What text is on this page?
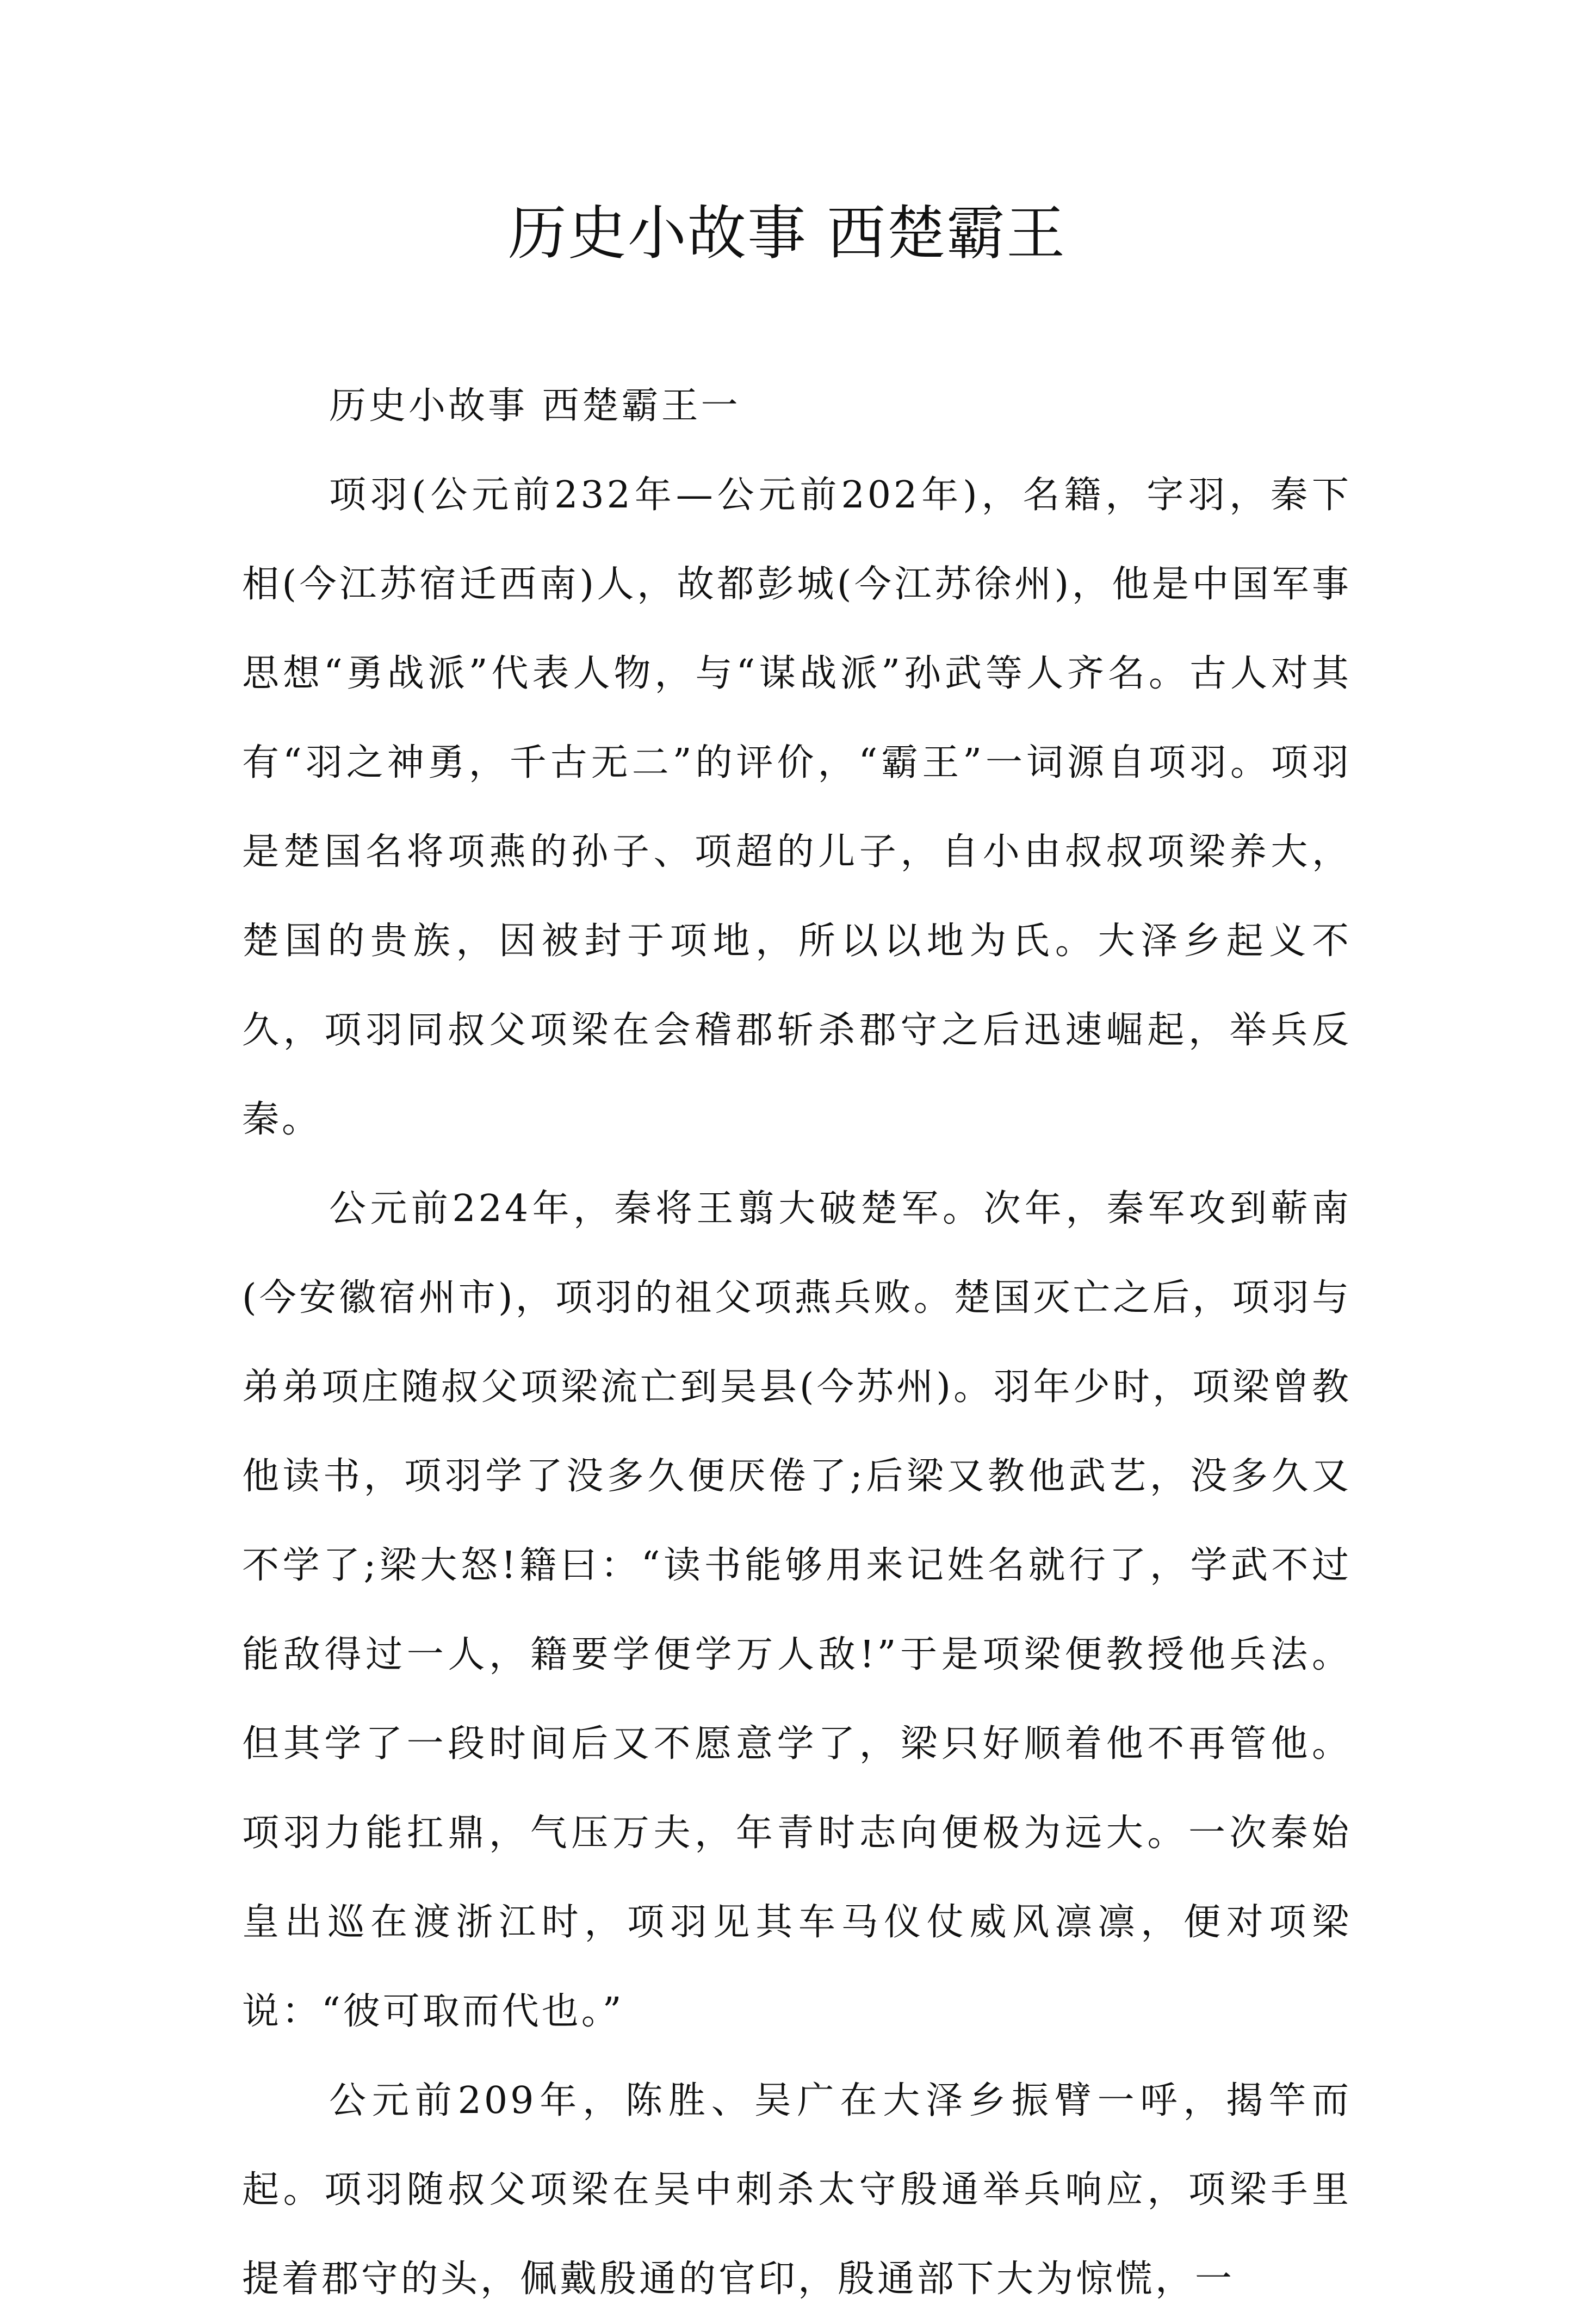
历史小故事 西楚霸王

历史小故事 西楚霸王一

项羽(公元前232年—公元前202年)，名籍，字羽，秦下相(今江苏宿迁西南)人，故都彭城(今江苏徐州)，他是中国军事思想“勇战派”代表人物，与“谋战派”孙武等人齐名。古人对其有“羽之神勇，千古无二”的评价，“霸王”一词源自项羽。项羽是楚国名将项燕的孙子、项超的儿子，自小由叔叔项梁养大，楚国的贵族，因被封于项地，所以以地为氏。大泽乡起义不久，项羽同叔父项梁在会稽郡斩杀郡守之后迅速崛起，举兵反秦。

公元前224年，秦将王翦大破楚军。次年，秦军攻到蕲南(今安徽宿州市)，项羽的祖父项燕兵败。楚国灭亡之后，项羽与弟弟项庄随叔父项梁流亡到吴县(今苏州)。羽年少时，项梁曾教他读书，项羽学了没多久便厌倦了;后梁又教他武艺，没多久又不学了;梁大怒!籍曰：“读书能够用来记姓名就行了，学武不过能敌得过一人，籍要学便学万人敌!”于是项梁便教授他兵法。但其学了一段时间后又不愿意学了，梁只好顺着他不再管他。项羽力能扛鼎，气压万夫，年青时志向便极为远大。一次秦始皇出巡在渡浙江时，项羽见其车马仪仗威风凛凛，便对项梁说：“彼可取而代也。”

公元前209年，陈胜、吴广在大泽乡振臂一呼，揭竿而起。项羽随叔父项梁在吴中刺杀太守殷通举兵响应，项梁手里提着郡守的头，佩戴殷通的官印，殷通部下大为惊慌，一
